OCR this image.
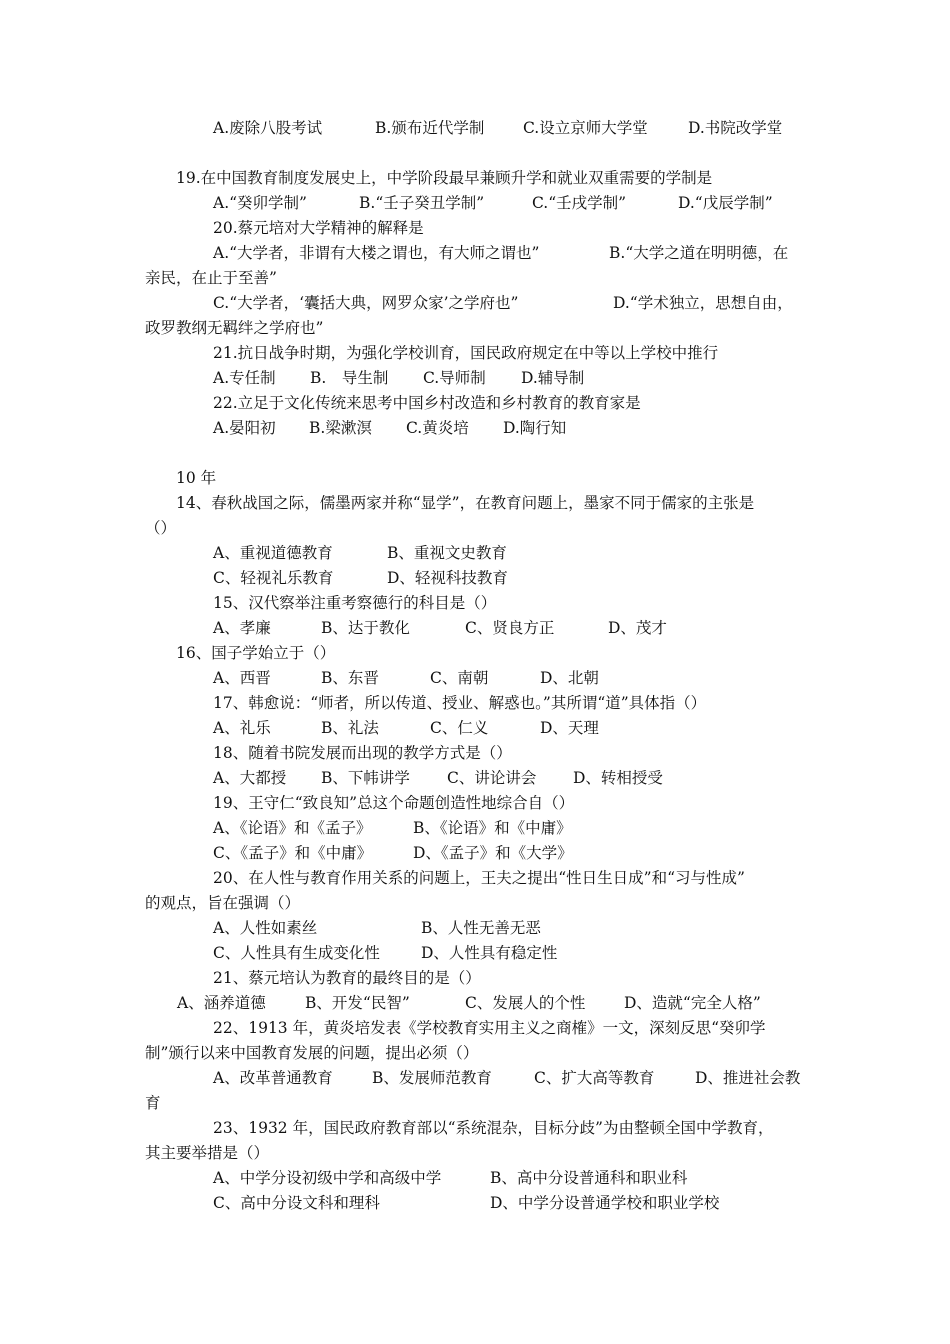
A.废除八股考试	B.颁布近代学制 C.设立京师大学堂	D.书院改学堂
19.在中国教育制度发展史上，中学阶段最早兼顾升学和就业双重需要的学制是
A.“癸卯学制”	B.“壬子癸丑学制”	C.“壬戌学制”	D.“戊辰学制”
20.蔡元培对大学精神的解释是
A.“大学者，非谓有大楼之谓也，有大师之谓也”	B.“大学之道在明明德，在
亲民，在止于至善”
C.“大学者，‘囊括大典，网罗众家’之学府也”	D.“学术独立，思想自由，
政罗教纲无羁绊之学府也”
21.抗日战争时期，为强化学校训育，国民政府规定在中等以上学校中推行
A.专任制 B.　导生制 C.导师制 D.辅导制
22.立足于文化传统来思考中国乡村改造和乡村教育的教育家是
A.晏阳初 B.梁漱溟 C.黄炎培 D.陶行知
10 年
14、春秋战国之际，儒墨两家并称“显学”，在教育问题上，墨家不同于儒家的主张是
（）
A、重视道德教育	B、重视文史教育
C、轻视礼乐教育	D、轻视科技教育
15、汉代察举注重考察德行的科目是（）
A、孝廉	B、达于教化	C、贤良方正	D、茂才
16、国子学始立于（）
A、西晋	B、东晋	C、南朝	D、北朝
17、韩愈说：“师者，所以传道、授业、解惑也。”其所谓“道”具体指（）
A、礼乐	B、礼法	C、仁义	D、天理
18、随着书院发展而出现的教学方式是（）
A、大都授 B、下帏讲学 C、讲论讲会 D、转相授受
19、王守仁“致良知”总这个命题创造性地综合自（）
A、《论语》和《孟子》	B、《论语》和《中庸》
C、《孟子》和《中庸》	D、《孟子》和《大学》
20、在人性与教育作用关系的问题上，王夫之提出“性日生日成”和“习与性成”
的观点，旨在强调（）
A、人性如素丝	B、人性无善无恶
C、人性具有生成变化性	D、人性具有稳定性
21、蔡元培认为教育的最终目的是（）
A、涵养道德	B、开发“民智”	C、发展人的个性 D、造就“完全人格”
22、1913 年，黄炎培发表《学校教育实用主义之商榷》一文，深刻反思“癸卯学
制”颁行以来中国教育发展的问题，提出必须（）
A、改革普通教育	B、发展师范教育	C、扩大高等教育	D、推进社会教
育
23、1932 年，国民政府教育部以“系统混杂，目标分歧”为由整顿全国中学教育，
其主要举措是（）
A、中学分设初级中学和高级中学	B、高中分设普通科和职业科
C、高中分设文科和理科	D、中学分设普通学校和职业学校
